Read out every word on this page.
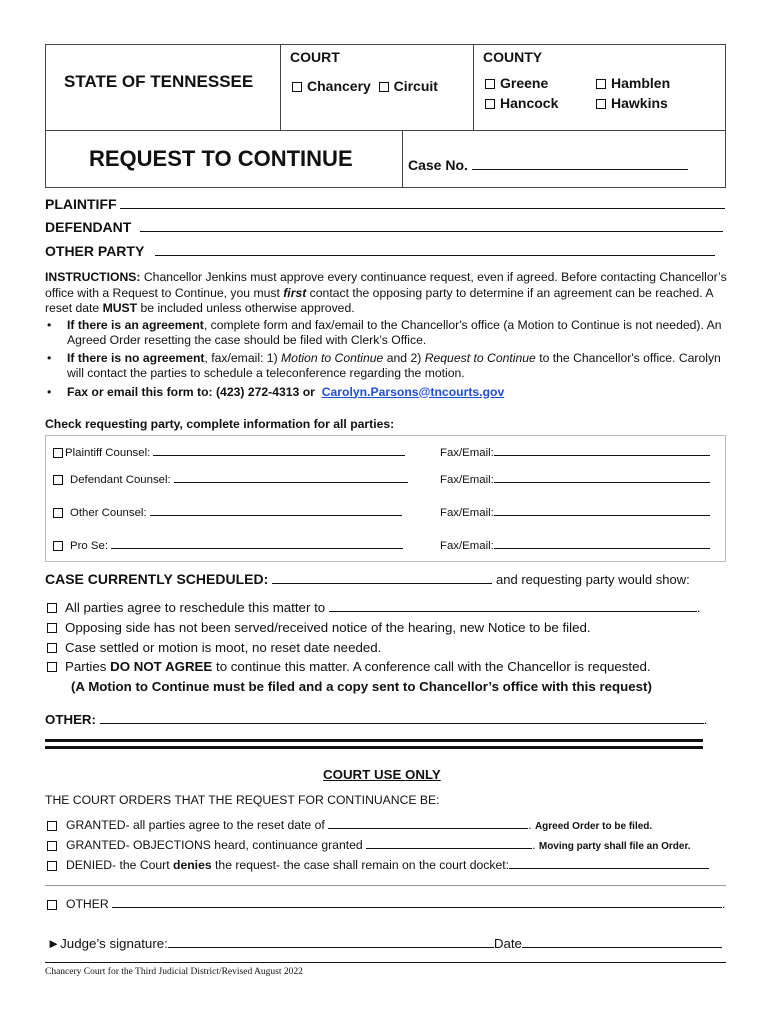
STATE OF TENNESSEE
COURT
Chancery Circuit
COUNTY
Greene	Hamblen
Hancock	Hawkins
REQUEST TO CONTINUE	Case No.
PLAINTIFF
DEFENDANT
OTHER PARTY
INSTRUCTIONS: Chancellor Jenkins must approve every continuance request, even if agreed. Before contacting Chancellor’s office with a Request to Continue, you must first contact the opposing party to determine if an agreement can be reached. A reset date MUST be included unless otherwise approved.
• If there is an agreement, complete form and fax/email to the Chancellor's office (a Motion to Continue is not needed). An Agreed Order resetting the case should be filed with Clerk’s Office.
• If there is no agreement, fax/email: 1) Motion to Continue and 2) Request to Continue to the Chancellor's office. Carolyn will contact the parties to schedule a teleconference regarding the motion.
• Fax or email this form to: (423) 272-4313 or Carolyn.Parsons@tncourts.gov
Check requesting party, complete information for all parties:
Plaintiff Counsel:	Fax/Email:
Defendant Counsel:	Fax/Email:
Other Counsel:	Fax/Email:
Pro Se:	Fax/Email:
CASE CURRENTLY SCHEDULED:	and requesting party would show:
All parties agree to reschedule this matter to	.
Opposing side has not been served/received notice of the hearing, new Notice to be filed.
Case settled or motion is moot, no reset date needed.
Parties DO NOT AGREE to continue this matter. A conference call with the Chancellor is requested.
(A Motion to Continue must be filed and a copy sent to Chancellor’s office with this request)
OTHER:	.
COURT USE ONLY
THE COURT ORDERS THAT THE REQUEST FOR CONTINUANCE BE:
GRANTED- all parties agree to the reset date of	. Agreed Order to be filed.
GRANTED- OBJECTIONS heard, continuance granted	. Moving party shall file an Order.
DENIED- the Court denies the request- the case shall remain on the court docket:
OTHER	.
►Judge’s signature:	Date
Chancery Court for the Third Judicial District/Revised August 2022
